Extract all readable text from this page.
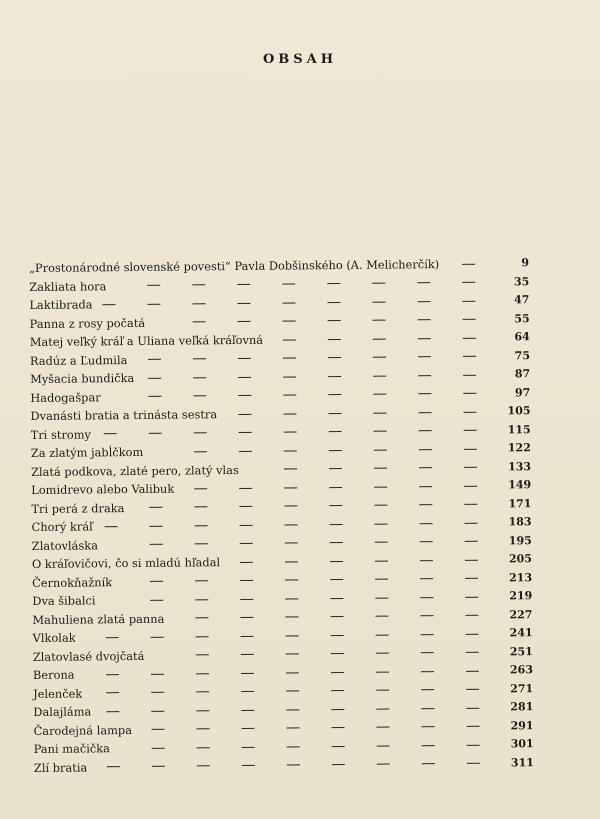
OBSAH
„Prostonárodné slovenské povesti“ Pavla Dobšinského (A. Melicherčík)	9
Zakliata hora	35
Laktibrada	47
Panna z rosy počatá	55
Matej veľký kráľ a Uliana veľká kráľovná	64
Radúz a Ľudmila	75
Myšacia bundička	87
Hadogašpar	97
Dvanásti bratia a trinásta sestra	105
Tri stromy	115
Za zlatým jabĺčkom	122
Zlatá podkova, zlaté pero, zlatý vlas	133
Lomidrevo alebo Valibuk	149
Tri perá z draka	171
Chorý kráľ	183
Zlatovláska	195
O kráľovičovi, čo si mladú hľadal	205
Černokňažník	213
Dva šibalci	219
Mahuliena zlatá panna	227
Vlkolak	241
Zlatovlasé dvojčatá	251
Berona	263
Jelenček	271
Dalajláma	281
Čarodejná lampa	291
Pani mačička	301
Zlí bratia	311
